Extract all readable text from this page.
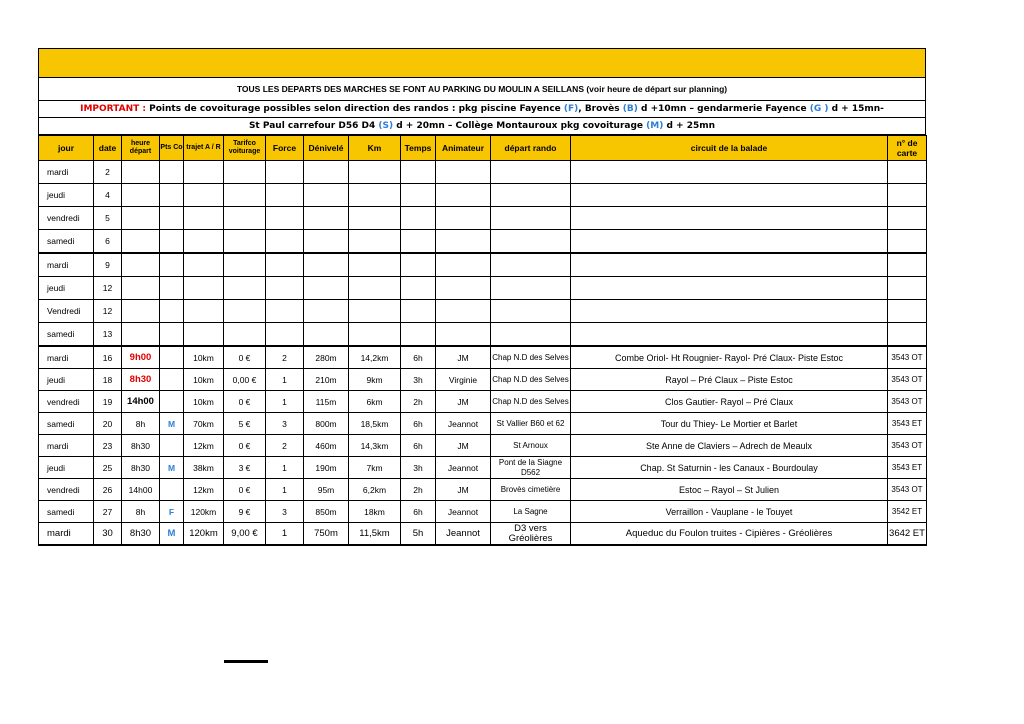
TOUS LES DEPARTS DES MARCHES SE FONT AU PARKING DU MOULIN A SEILLANS (voir heure de départ sur planning)
IMPORTANT : Points de covoiturage possibles selon direction des randos : pkg piscine Fayence (F), Brovès (B) d +10mn – gendarmerie Fayence (G ) d + 15mn-
St Paul carrefour D56 D4 (S) d + 20mn – Collège Montauroux pkg covoiturage (M) d + 25mn
jour	date	heure départ	Pts Co	trajet A / R	Tarifco voiturage	Force	Dénivelé	Km	Temps	Animateur	départ rando	circuit de la balade	n° de carte
mardi	2												
jeudi	4												
vendredi	5												
samedi	6												
mardi	9												
jeudi	12												
Vendredi	12												
samedi	13												
mardi	16	9h00		10km	0 €	2	280m	14,2km	6h	JM	Chap N.D des Selves	Combe Oriol- Ht Rougnier- Rayol- Pré Claux- Piste Estoc	3543 OT
jeudi	18	8h30		10km	0,00 €	1	210m	9km	3h	Virginie	Chap N.D des Selves	Rayol – Pré Claux – Piste Estoc	3543 OT
vendredi	19	14h00		10km	0 €	1	115m	6km	2h	JM	Chap N.D des Selves	Clos Gautier- Rayol – Pré Claux	3543 OT
samedi	20	8h	M	70km	5 €	3	800m	18,5km	6h	Jeannot	St Vallier B60 et 62	Tour du Thiey- Le Mortier et Barlet	3543 ET
mardi	23	8h30		12km	0 €	2	460m	14,3km	6h	JM	St Arnoux	Ste Anne de Claviers – Adrech de Meaulx	3543 OT
jeudi	25	8h30	M	38km	3 €	1	190m	7km	3h	Jeannot	Pont de la Siagne D562	Chap. St Saturnin - les Canaux - Bourdoulay	3543 ET
vendredi	26	14h00		12km	0 €	1	95m	6,2km	2h	JM	Brovès cimetière	Estoc – Rayol – St Julien	3543 OT
samedi	27	8h	F	120km	9 €	3	850m	18km	6h	Jeannot	La Sagne	Verraillon - Vauplane - le Touyet	3542 ET
mardi	30	8h30	M	120km	9,00 €	1	750m	11,5km	5h	Jeannot	D3 vers Gréolières	Aqueduc du Foulon truites - Cipières - Gréolières	3642 ET
